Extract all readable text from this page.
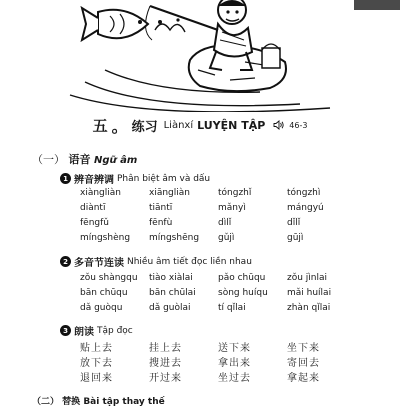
五 。 练习 Liànxí LUYỆN TẬP	46-3
（一） 语音 Ngữ âm
1 辨音辨调 Phân biệt âm và dấu
xiàngliàn	xiāngliàn	tóngzhǐ	tóngzhì
diàntī	tiāntī	mǎnyì	mángyú
fēngfǔ	fēnfù	dìlǐ	dǐlǐ
míngshèng	míngshēng	gǔjì	gūjì
2 多音节连读 Nhiều âm tiết đọc liền nhau
zǒu shàngqu	tiào xiàlai	pǎo chūqu	zǒu jìnlai
bān chūqu	bān chūlai	sòng huíqu	mǎi huílai
dǎ guòqu	dǎ guòlai	tí qǐlai	zhàn qǐlai
3 朗读 Tập đọc
贴上去	挂上去	送下来	坐下来
放下去	搜进去	拿出来	寄回去
退回来	开过来	坐过去	拿起来
（二） 替换 Bài tập thay thế
